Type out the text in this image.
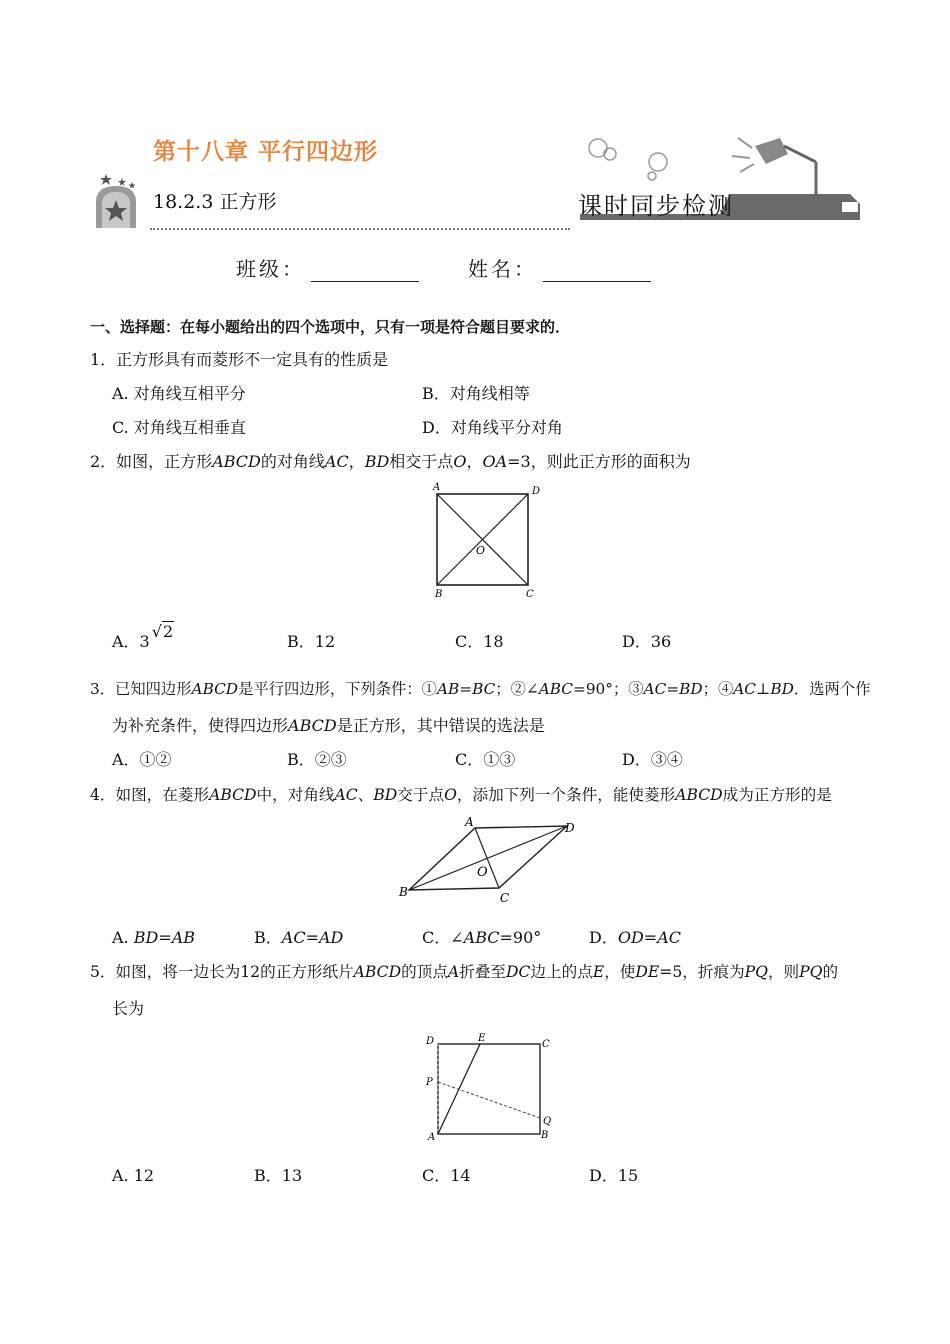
第十八章 平行四边形
18.2.3 正方形	课时同步检测
班级：	姓名：
一、选择题：在每小题给出的四个选项中，只有一项是符合题目要求的．
1．正方形具有而菱形不一定具有的性质是
A. 对角线互相平分	B．对角线相等
C. 对角线互相垂直	D．对角线平分对角
2．如图，正方形ABCD的对角线AC，BD相交于点O，OA=3，则此正方形的面积为
A	D
B	C
O
A．3√2
B．12	C．18	D．36
3．已知四边形ABCD是平行四边形，下列条件：①AB=BC；②∠ABC=90°；③AC=BD；④AC⊥BD．选两个作
为补充条件，使得四边形ABCD是正方形，其中错误的选法是
A．①②	B．②③	C．①③	D．③④
4．如图，在菱形ABCD中，对角线AC、BD交于点O，添加下列一个条件，能使菱形ABCD成为正方形的是
A	D
B	C
O
A. BD=AB	B．AC=AD	C．∠ABC=90°	D．OD=AC
5．如图，将一边长为12的正方形纸片ABCD的顶点A折叠至DC边上的点E，使DE=5，折痕为PQ，则PQ的
长为
D	E
C
P
Q
A	B
A. 12	B．13	C．14	D．15
